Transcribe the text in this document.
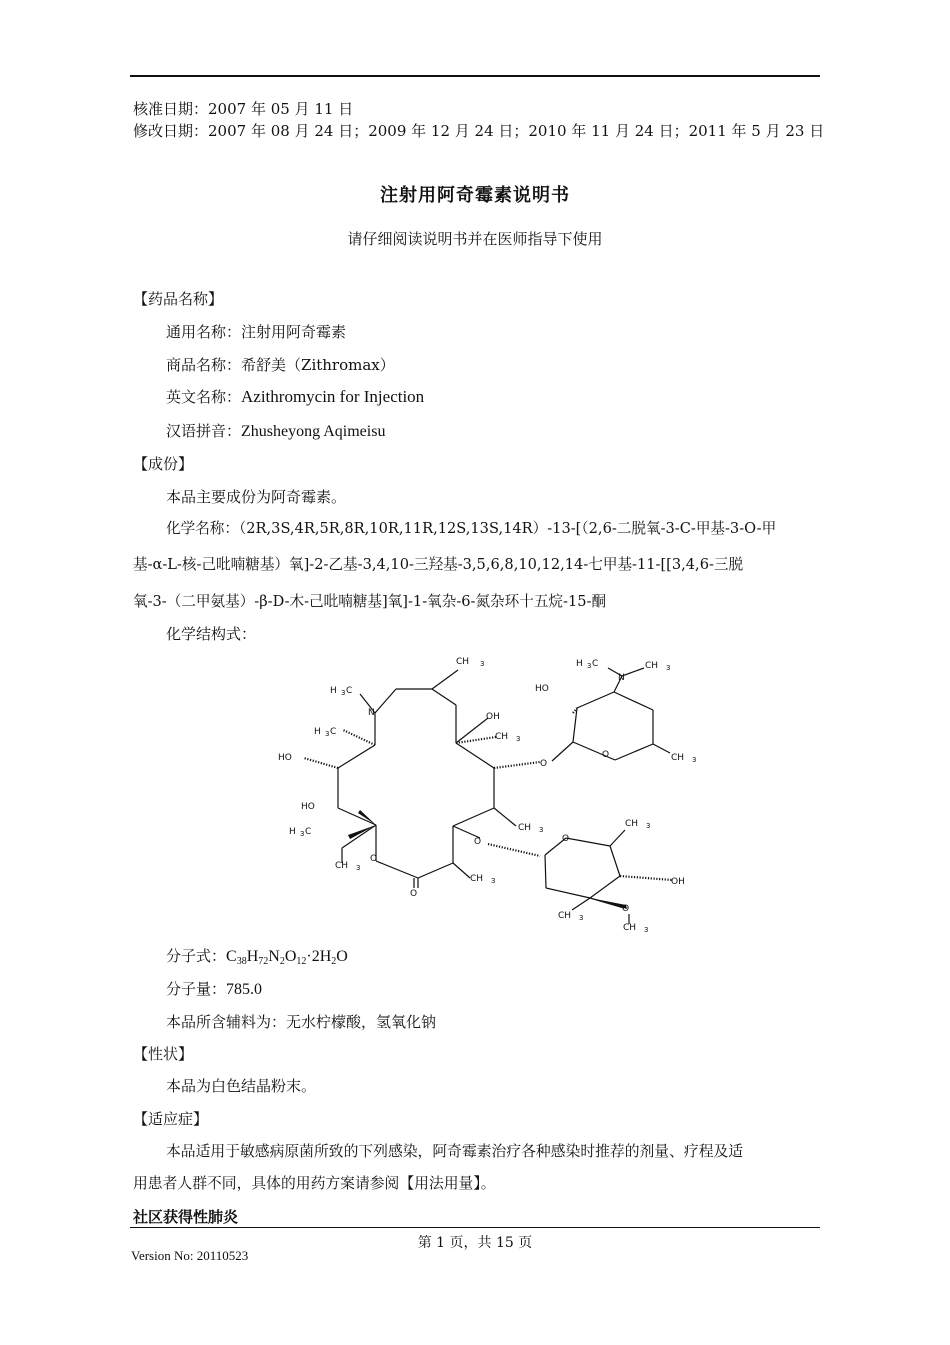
核准日期：2007 年 05 月 11 日
修改日期：2007 年 08 月 24 日；2009 年 12 月 24 日；2010 年 11 月 24 日；2011 年 5 月 23 日
注射用阿奇霉素说明书
请仔细阅读说明书并在医师指导下使用
【药品名称】
通用名称：注射用阿奇霉素
商品名称：希舒美（Zithromax）
英文名称：Azithromycin for Injection
汉语拼音：Zhusheyong Aqimeisu
【成份】
本品主要成份为阿奇霉素。
化学名称：（2R,3S,4R,5R,8R,10R,11R,12S,13S,14R）-13-[（2,6-二脱氧-3-C-甲基-3-O-甲
基-α-L-核-己吡喃糖基）氧]-2-乙基-3,4,10-三羟基-3,5,6,8,10,12,14-七甲基-11-[[3,4,6-三脱
氧-3-（二甲氨基）-β-D-木-己吡喃糖基]氧]-1-氧杂-6-氮杂环十五烷-15-酮
化学结构式：
CH 3
H 3 C
N
H 3 C
OH
CH 3
HO
O
HO
H 3 C	CH 3
O
CH 3
O
CH 3
O
H 3 C
N
CH 3
HO
O	CH 3
O
CH 3
OH
CH 3
O
CH 3
分子式：$C_{38}H_{72}N_2O_{12}\cdot 2H_2O$
分子量：785.0
本品所含辅料为：无水柠檬酸，氢氧化钠
【性状】
本品为白色结晶粉末。
【适应症】
本品适用于敏感病原菌所致的下列感染，阿奇霉素治疗各种感染时推荐的剂量、疗程及适
用患者人群不同，具体的用药方案请参阅【用法用量】。
社区获得性肺炎
第 1 页，共 15 页
Version No: 20110523
